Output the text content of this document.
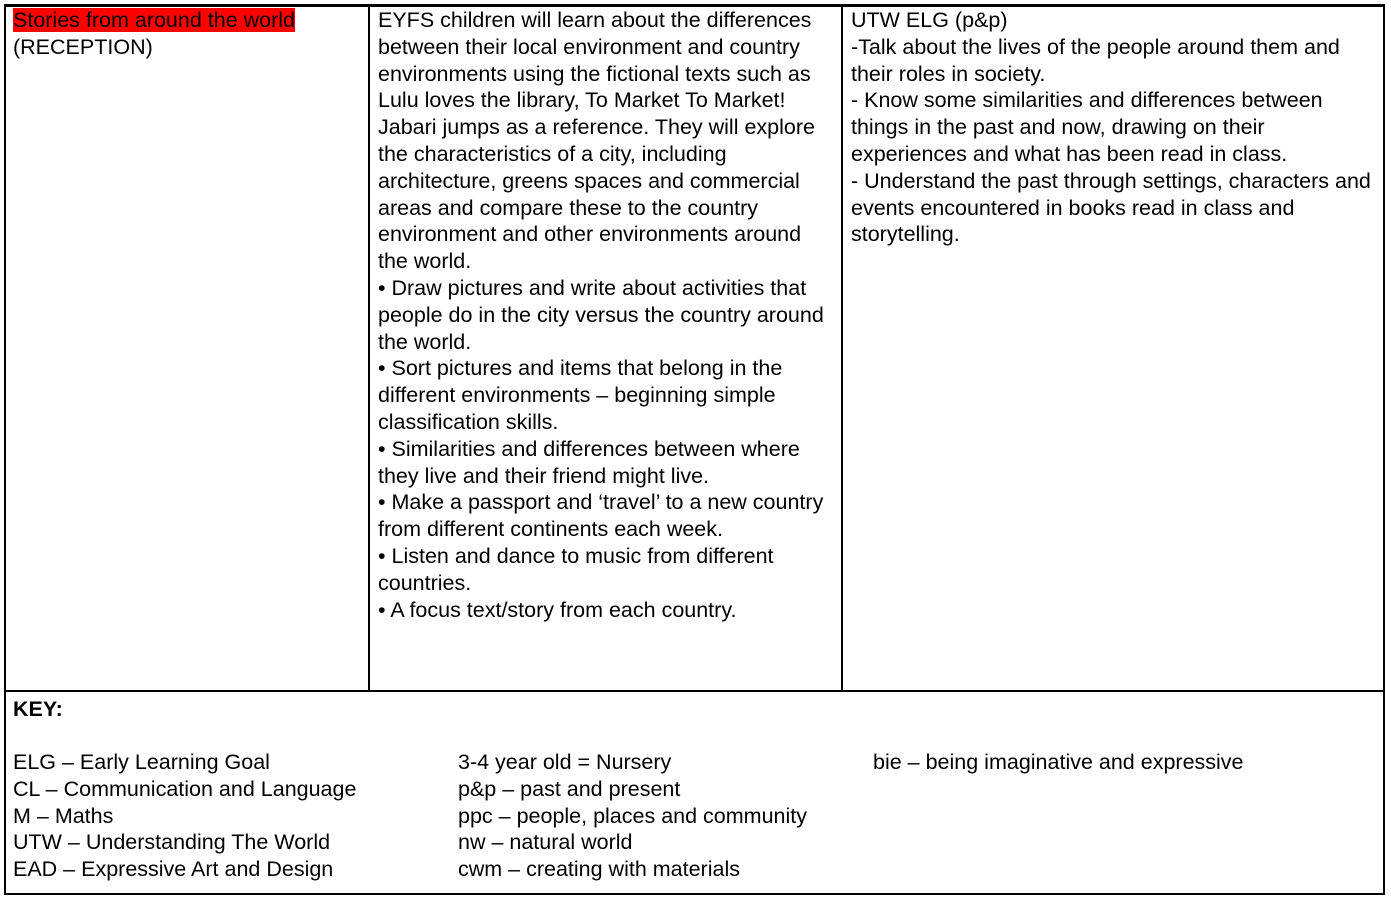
Stories from around the world
(RECEPTION)
EYFS children will learn about the differences between their local environment and country environments using the fictional texts such as Lulu loves the library, To Market To Market! Jabari jumps as a reference. They will explore the characteristics of a city, including architecture, greens spaces and commercial areas and compare these to the country environment and other environments around the world.
• Draw pictures and write about activities that people do in the city versus the country around the world.
• Sort pictures and items that belong in the different environments – beginning simple classification skills.
• Similarities and differences between where they live and their friend might live.
• Make a passport and ‘travel’ to a new country from different continents each week.
• Listen and dance to music from different countries.
• A focus text/story from each country.
UTW ELG (p&p)
-Talk about the lives of the people around them and their roles in society.
- Know some similarities and differences between things in the past and now, drawing on their experiences and what has been read in class.
- Understand the past through settings, characters and events encountered in books read in class and storytelling.
KEY:
ELG – Early Learning Goal
CL – Communication and Language
M – Maths
UTW – Understanding The World
EAD – Expressive Art and Design
3-4 year old = Nursery
p&p – past and present
ppc – people, places and community
nw – natural world
cwm – creating with materials
bie – being imaginative and expressive
